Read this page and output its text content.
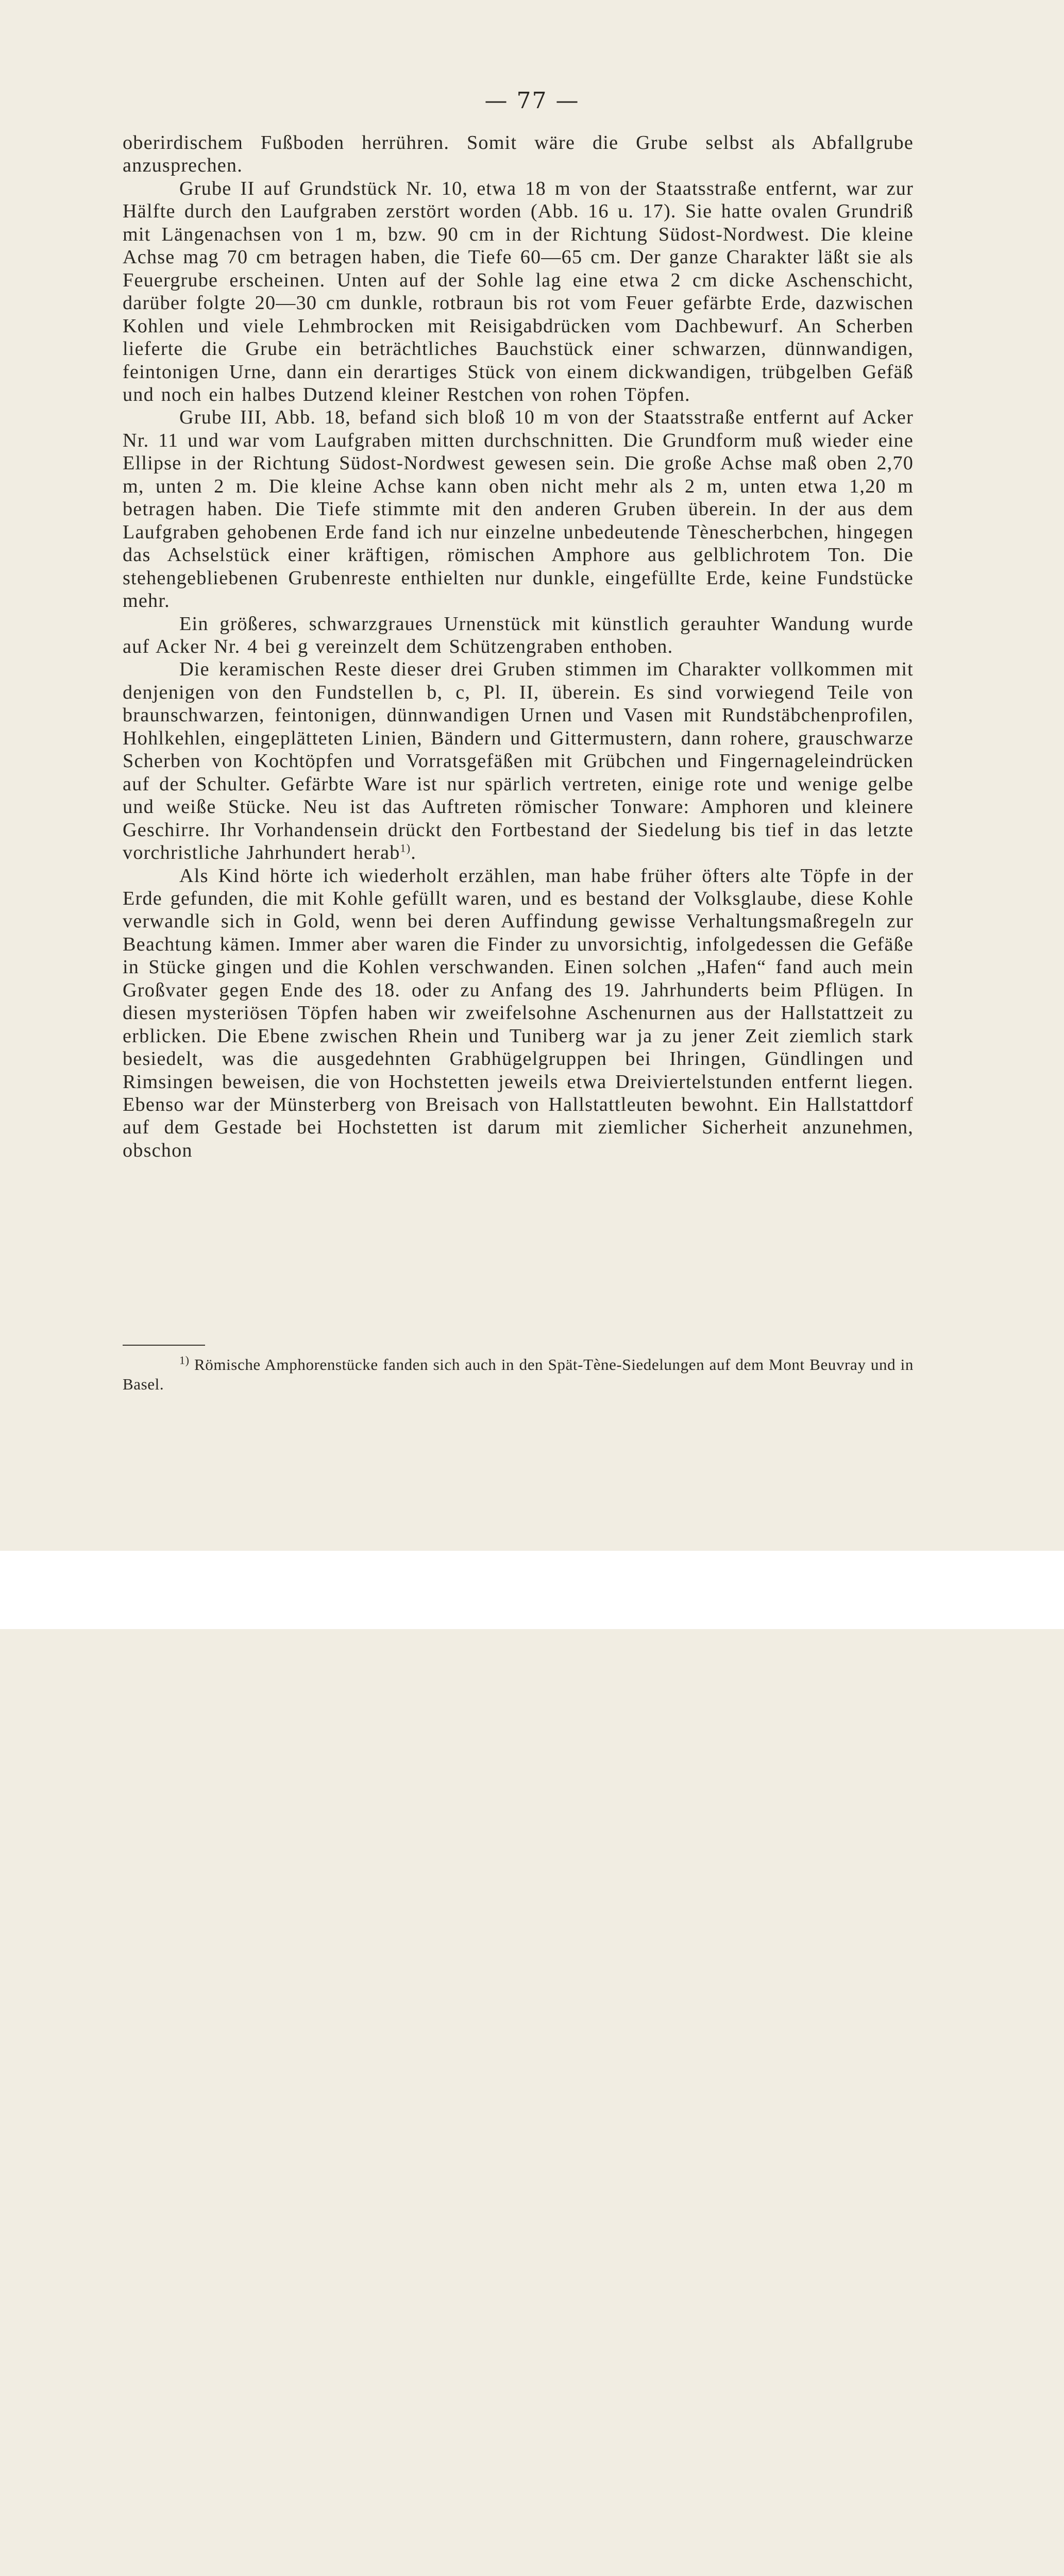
— 77 —

oberirdischem Fußboden herrühren. Somit wäre die Grube selbst als Abfallgrube anzusprechen.

Grube II auf Grundstück Nr. 10, etwa 18 m von der Staatsstraße entfernt, war zur Hälfte durch den Laufgraben zerstört worden (Abb. 16 u. 17). Sie hatte ovalen Grundriß mit Längenachsen von 1 m, bzw. 90 cm in der Richtung Südost-Nordwest. Die kleine Achse mag 70 cm betragen haben, die Tiefe 60—65 cm. Der ganze Charakter läßt sie als Feuergrube erscheinen. Unten auf der Sohle lag eine etwa 2 cm dicke Aschenschicht, darüber folgte 20—30 cm dunkle, rotbraun bis rot vom Feuer gefärbte Erde, dazwischen Kohlen und viele Lehmbrocken mit Reisigabdrücken vom Dachbewurf. An Scherben lieferte die Grube ein beträchtliches Bauchstück einer schwarzen, dünnwandigen, feintonigen Urne, dann ein derartiges Stück von einem dickwandigen, trübgelben Gefäß und noch ein halbes Dutzend kleiner Restchen von rohen Töpfen.

Grube III, Abb. 18, befand sich bloß 10 m von der Staatsstraße entfernt auf Acker Nr. 11 und war vom Laufgraben mitten durchschnitten. Die Grundform muß wieder eine Ellipse in der Richtung Südost-Nordwest gewesen sein. Die große Achse maß oben 2,70 m, unten 2 m. Die kleine Achse kann oben nicht mehr als 2 m, unten etwa 1,20 m betragen haben. Die Tiefe stimmte mit den anderen Gruben überein. In der aus dem Laufgraben gehobenen Erde fand ich nur einzelne unbedeutende Tènescherbchen, hingegen das Achselstück einer kräftigen, römischen Amphore aus gelblichrotem Ton. Die stehengebliebenen Grubenreste enthielten nur dunkle, eingefüllte Erde, keine Fundstücke mehr.

Ein größeres, schwarzgraues Urnenstück mit künstlich gerauhter Wandung wurde auf Acker Nr. 4 bei g vereinzelt dem Schützengraben enthoben.

Die keramischen Reste dieser drei Gruben stimmen im Charakter vollkommen mit denjenigen von den Fundstellen b, c, Pl. II, überein. Es sind vorwiegend Teile von braunschwarzen, feintonigen, dünnwandigen Urnen und Vasen mit Rundstäbchenprofilen, Hohlkehlen, eingeplätteten Linien, Bändern und Gittermustern, dann rohere, grauschwarze Scherben von Kochtöpfen und Vorratsgefäßen mit Grübchen und Fingernageleindrücken auf der Schulter. Gefärbte Ware ist nur spärlich vertreten, einige rote und wenige gelbe und weiße Stücke. Neu ist das Auftreten römischer Tonware: Amphoren und kleinere Geschirre. Ihr Vorhandensein drückt den Fortbestand der Siedelung bis tief in das letzte vorchristliche Jahrhundert herab$^{1)}$.

Als Kind hörte ich wiederholt erzählen, man habe früher öfters alte Töpfe in der Erde gefunden, die mit Kohle gefüllt waren, und es bestand der Volksglaube, diese Kohle verwandle sich in Gold, wenn bei deren Auffindung gewisse Verhaltungsmaßregeln zur Beachtung kämen. Immer aber waren die Finder zu unvorsichtig, infolgedessen die Gefäße in Stücke gingen und die Kohlen verschwanden. Einen solchen „Hafen“ fand auch mein Großvater gegen Ende des 18. oder zu Anfang des 19. Jahrhunderts beim Pflügen. In diesen mysteriösen Töpfen haben wir zweifelsohne Aschenurnen aus der Hallstattzeit zu erblicken. Die Ebene zwischen Rhein und Tuniberg war ja zu jener Zeit ziemlich stark besiedelt, was die ausgedehnten Grabhügelgruppen bei Ihringen, Gündlingen und Rimsingen beweisen, die von Hochstetten jeweils etwa Dreiviertelstunden entfernt liegen. Ebenso war der Münsterberg von Breisach von Hallstattleuten bewohnt. Ein Hallstattdorf auf dem Gestade bei Hochstetten ist darum mit ziemlicher Sicherheit anzunehmen, obschon

$^{1)}$ Römische Amphorenstücke fanden sich auch in den Spät-Tène-Siedelungen auf dem Mont Beuvray und in Basel.
